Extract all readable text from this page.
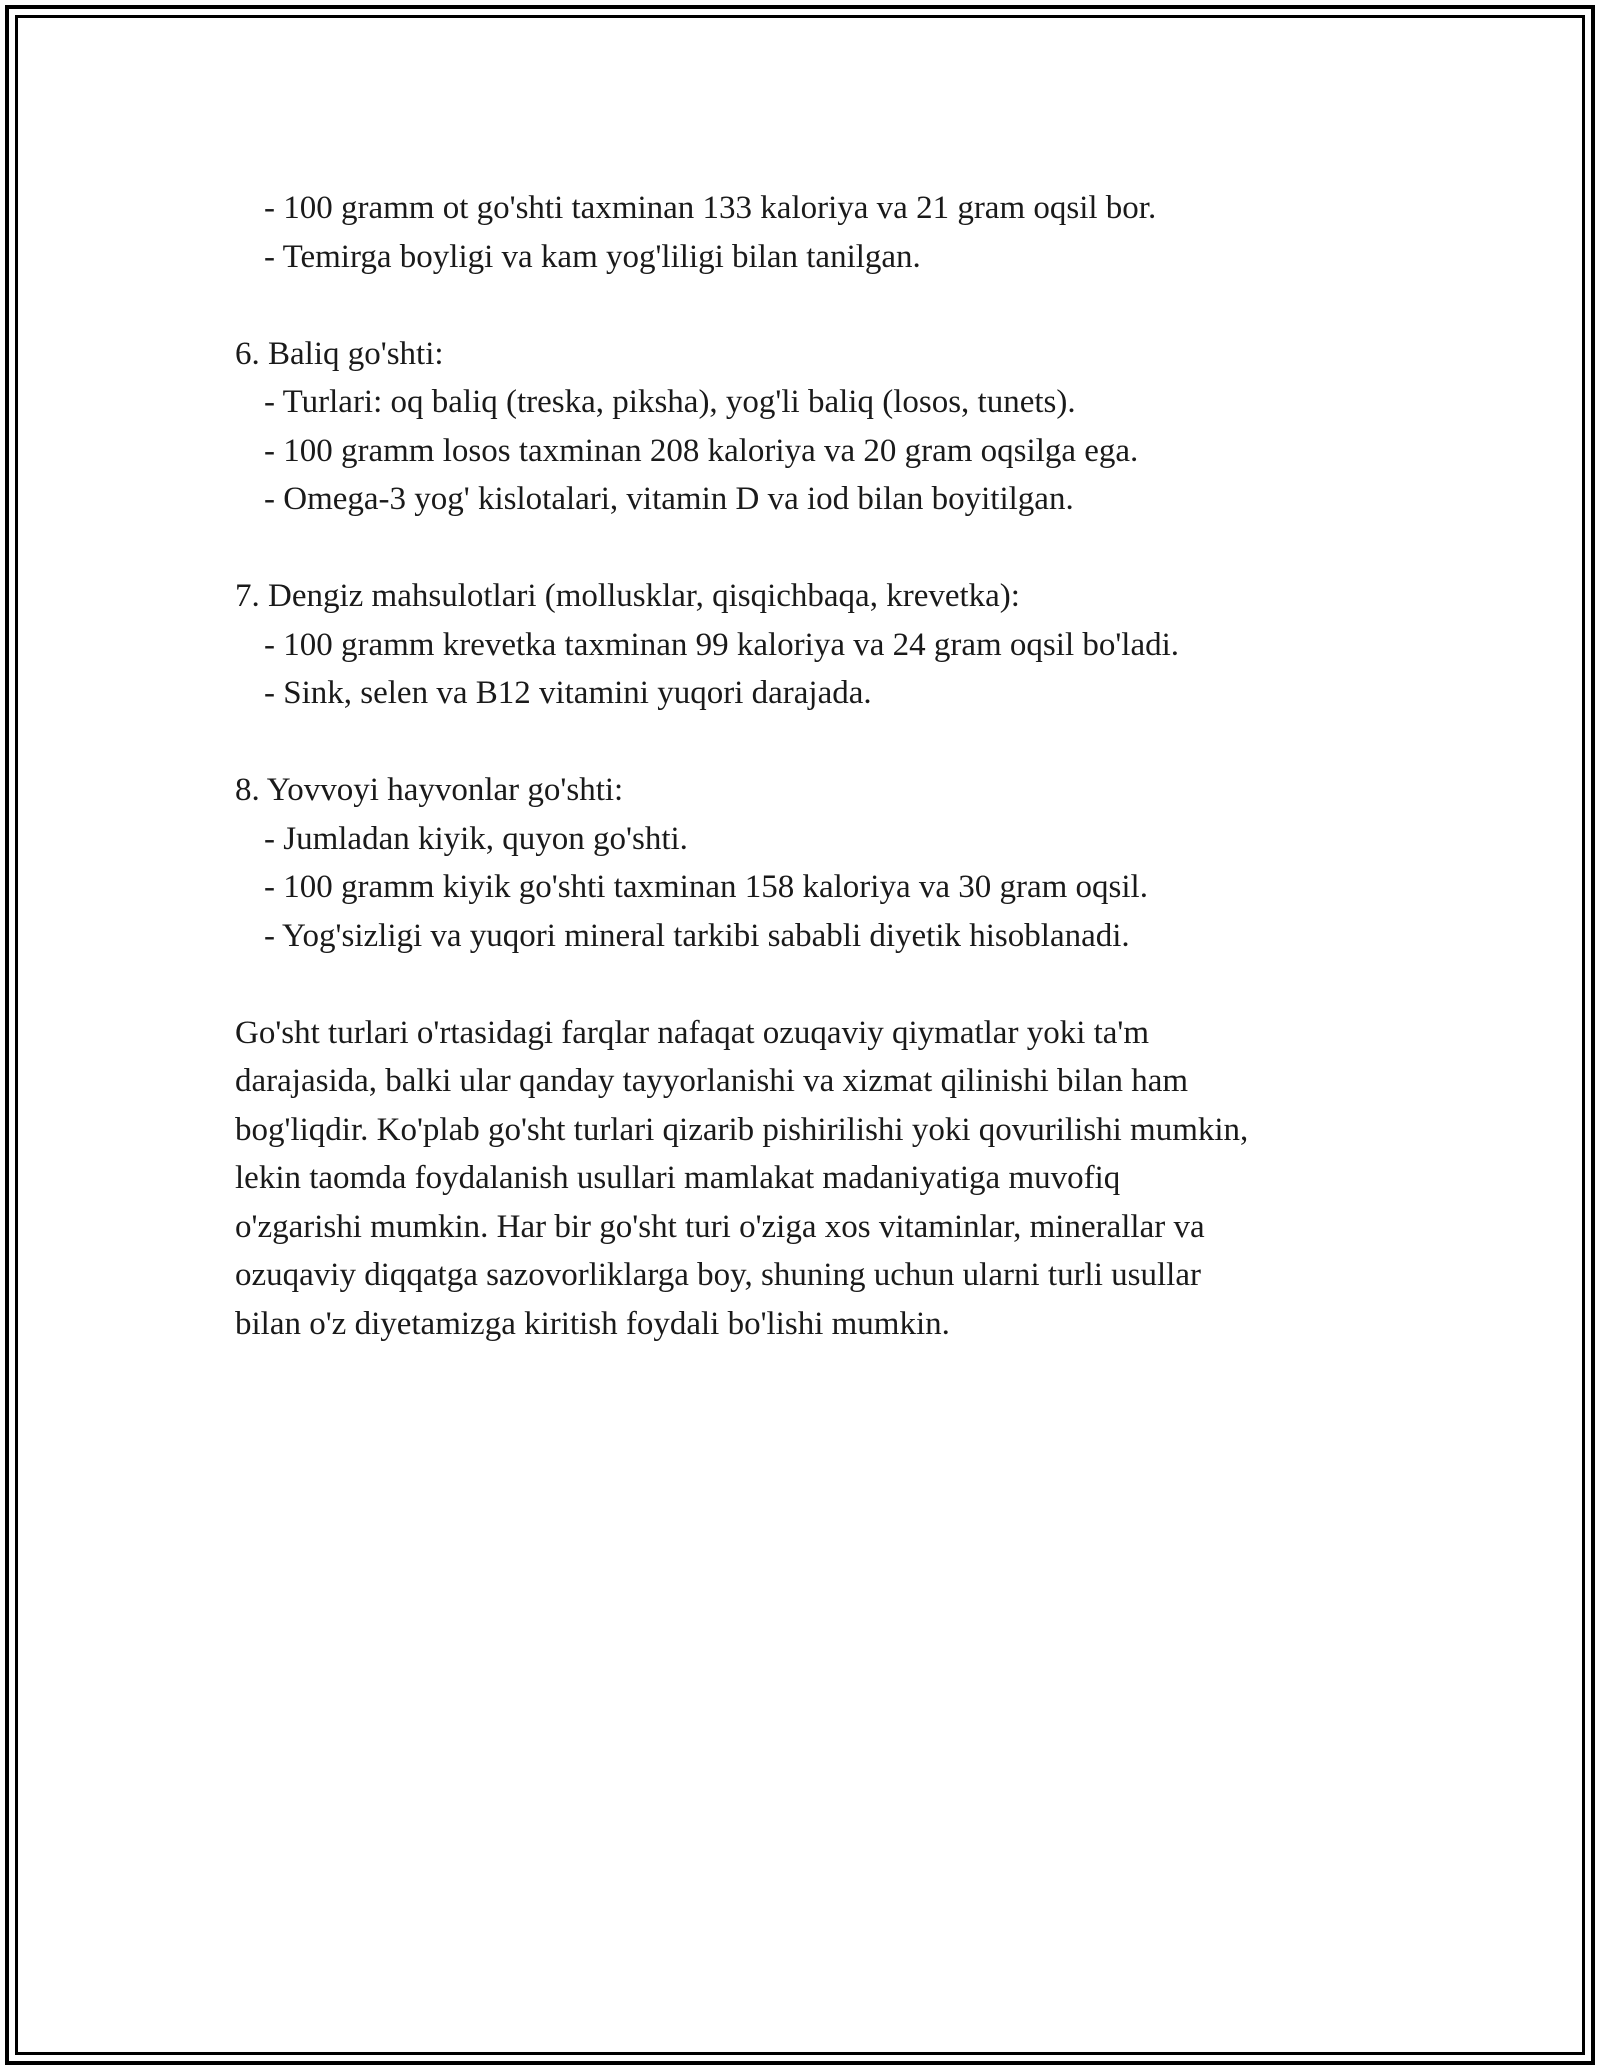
- 100 gramm ot go'shti taxminan 133 kaloriya va 21 gram oqsil bor.
- Temirga boyligi va kam yog'liligi bilan tanilgan.
6. Baliq go'shti:
- Turlari: oq baliq (treska, piksha), yog'li baliq (losos, tunets).
- 100 gramm losos taxminan 208 kaloriya va 20 gram oqsilga ega.
- Omega-3 yog' kislotalari, vitamin D va iod bilan boyitilgan.
7. Dengiz mahsulotlari (mollusklar, qisqichbaqa, krevetka):
- 100 gramm krevetka taxminan 99 kaloriya va 24 gram oqsil bo'ladi.
- Sink, selen va B12 vitamini yuqori darajada.
8. Yovvoyi hayvonlar go'shti:
- Jumladan kiyik, quyon go'shti.
- 100 gramm kiyik go'shti taxminan 158 kaloriya va 30 gram oqsil.
- Yog'sizligi va yuqori mineral tarkibi sababli diyetik hisoblanadi.
Go'sht turlari o'rtasidagi farqlar nafaqat ozuqaviy qiymatlar yoki ta'm
darajasida, balki ular qanday tayyorlanishi va xizmat qilinishi bilan ham
bog'liqdir. Ko'plab go'sht turlari qizarib pishirilishi yoki qovurilishi mumkin,
lekin taomda foydalanish usullari mamlakat madaniyatiga muvofiq
o'zgarishi mumkin. Har bir go'sht turi o'ziga xos vitaminlar, minerallar va
ozuqaviy diqqatga sazovorliklarga boy, shuning uchun ularni turli usullar
bilan o'z diyetamizga kiritish foydali bo'lishi mumkin.
